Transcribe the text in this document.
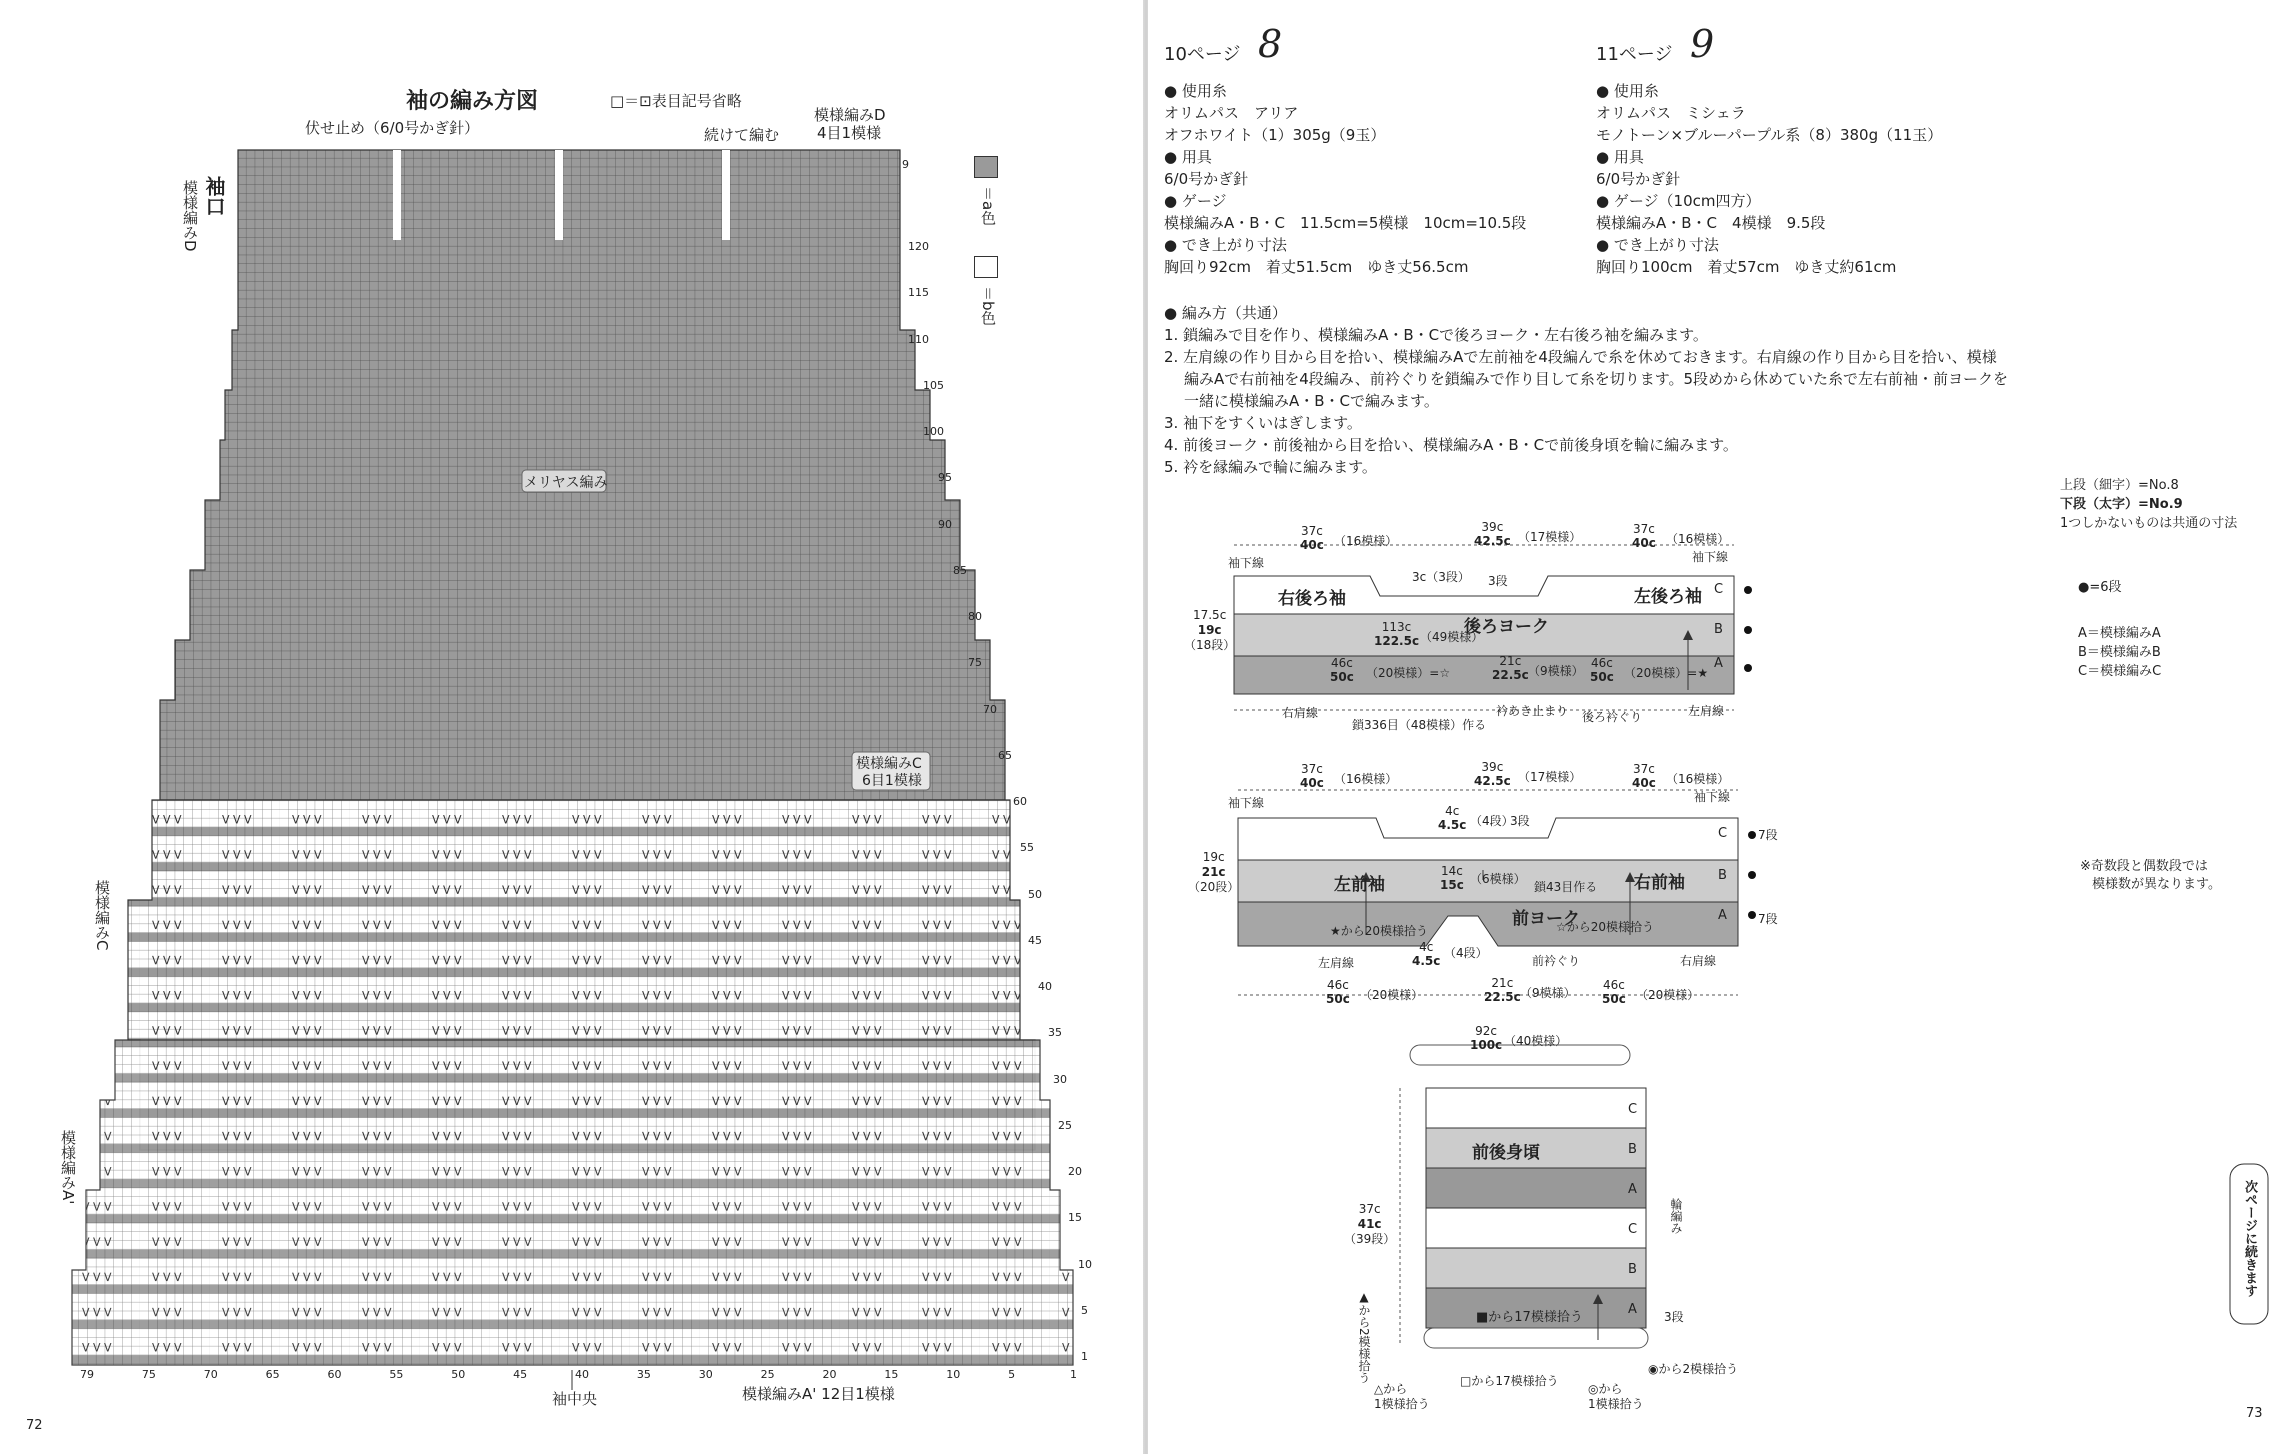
袖の編み方図	□＝⊡表目記号省略
伏せ止め（6/0号かぎ針）	続けて編む
模様編みD
4目1模様
袖口
模様編みD	＝a色
＝b色
メリヤス編み
模様編みC
6目1模様
模様編みC
模様編みA'
9
120
115
110
105
100
95
90
85
80
75
70
65
60
55
50
45
40
35
30
25
20
15
10
5
1
79	75	70	65	60	55	50	45	40	35	30	25	20	15	10	5	1
袖中央	模様編みA' 12目1模様
72
10ページ 8	11ページ 9
● 使用糸
オリムパス　アリア
オフホワイト（1）305g（9玉）
● 用具
6/0号かぎ針
● ゲージ
模様編みA・B・C　11.5cm=5模様　10cm=10.5段
● でき上がり寸法
胸回り92cm　着丈51.5cm　ゆき丈56.5cm
● 使用糸
オリムパス　ミシェラ
モノトーン×ブルーパープル系（8）380g（11玉）
● 用具
6/0号かぎ針
● ゲージ（10cm四方）
模様編みA・B・C　4模様　9.5段
● でき上がり寸法
胸回り100cm　着丈57cm　ゆき丈約61cm
● 編み方（共通）
1. 鎖編みで目を作り、模様編みA・B・Cで後ろヨーク・左右後ろ袖を編みます。
2. 左肩線の作り目から目を拾い、模様編みAで左前袖を4段編んで糸を休めておきます。右肩線の作り目から目を拾い、模様
編みAで右前袖を4段編み、前衿ぐりを鎖編みで作り目して糸を切ります。5段めから休めていた糸で左右前袖・前ヨークを
一緒に模様編みA・B・Cで編みます。
3. 袖下をすくいはぎします。
4. 前後ヨーク・前後袖から目を拾い、模様編みA・B・Cで前後身頃を輪に編みます。
5. 衿を縁編みで輪に編みます。
上段（細字）=No.8
下段（太字）=No.9
1つしかないものは共通の寸法
●=6段
A＝模様編みA
B＝模様編みB
C＝模様編みC
※奇数段と偶数段では
模様数が異なります。
右後ろ袖
後ろヨーク
左後ろ袖 C
B
A
37c
40c （16模様）
39c
42.5c （17模様）
37c
40c （16模様）
袖下線	袖下線
3c（3段） 3段
17.5c
19c
（18段）
113c
122.5c （49模様）
46c
50c （20模様）=☆
21c
22.5c （9模様）
46c
50c （20模様）=★
右肩線
鎖336目（48模様）作る
衿あき止まり 後ろ衿ぐり	左肩線
左前袖
前ヨーク
右前袖
C
B
A
37c
40c （16模様）
39c
42.5c （17模様）
37c
40c （16模様）
袖下線	袖下線
4c
4.5c （4段）
3段
19c
21c
（20段）
14c
15c （6模様）
鎖43目作る
★から20模様拾う	☆から20模様拾う
4c
4.5c
（4段）
左肩線	前衿ぐり	右肩線
7段
7段
46c
50c （20模様）
21c
22.5c （9模様）
46c
50c （20模様）
92c
100c （40模様）
前後身頃
C
B
A
C
B
A
37c
41c
（39段）
輪編み
▲から2模様拾う	■から17模様拾う
□から17模様拾う
3段
◉から2模様拾う
△から
1模様拾う
◎から
1模様拾う
次ページに続きます
73
